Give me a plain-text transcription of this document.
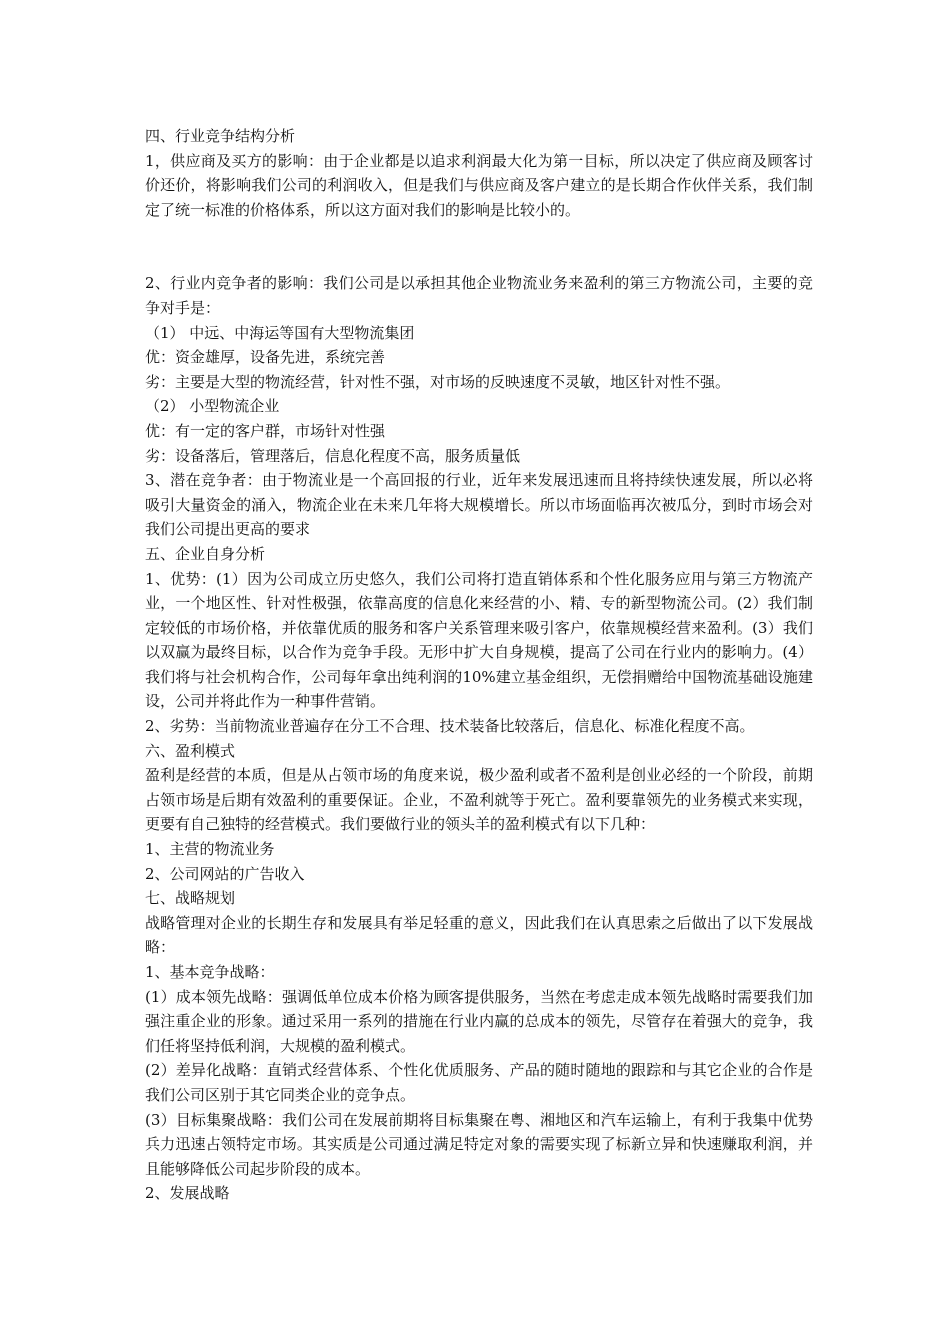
四、行业竞争结构分析

1，供应商及买方的影响：由于企业都是以追求利润最大化为第一目标，所以决定了供应商及顾客讨价还价，将影响我们公司的利润收入，但是我们与供应商及客户建立的是长期合作伙伴关系，我们制定了统一标准的价格体系，所以这方面对我们的影响是比较小的。

2、行业内竞争者的影响：我们公司是以承担其他企业物流业务来盈利的第三方物流公司，主要的竞争对手是：

（1） 中远、中海运等国有大型物流集团

优：资金雄厚，设备先进，系统完善

劣：主要是大型的物流经营，针对性不强，对市场的反映速度不灵敏，地区针对性不强。

（2） 小型物流企业

优：有一定的客户群，市场针对性强

劣：设备落后，管理落后，信息化程度不高，服务质量低

3、潜在竞争者：由于物流业是一个高回报的行业，近年来发展迅速而且将持续快速发展，所以必将吸引大量资金的涌入，物流企业在未来几年将大规模增长。所以市场面临再次被瓜分，到时市场会对我们公司提出更高的要求

五、企业自身分析

1、优势：(1）因为公司成立历史悠久，我们公司将打造直销体系和个性化服务应用与第三方物流产业，一个地区性、针对性极强，依靠高度的信息化来经营的小、精、专的新型物流公司。(2）我们制定较低的市场价格，并依靠优质的服务和客户关系管理来吸引客户，依靠规模经营来盈利。(3）我们以双赢为最终目标，以合作为竞争手段。无形中扩大自身规模，提高了公司在行业内的影响力。(4）我们将与社会机构合作，公司每年拿出纯利润的10%建立基金组织，无偿捐赠给中国物流基础设施建设，公司并将此作为一种事件营销。

2、劣势：当前物流业普遍存在分工不合理、技术装备比较落后，信息化、标准化程度不高。

六、盈利模式

盈利是经营的本质，但是从占领市场的角度来说，极少盈利或者不盈利是创业必经的一个阶段，前期占领市场是后期有效盈利的重要保证。企业，不盈利就等于死亡。盈利要靠领先的业务模式来实现，更要有自己独特的经营模式。我们要做行业的领头羊的盈利模式有以下几种：

1、主营的物流业务

2、公司网站的广告收入

七、战略规划

战略管理对企业的长期生存和发展具有举足轻重的意义，因此我们在认真思索之后做出了以下发展战略：

1、基本竞争战略：

(1）成本领先战略：强调低单位成本价格为顾客提供服务，当然在考虑走成本领先战略时需要我们加强注重企业的形象。通过采用一系列的措施在行业内赢的总成本的领先，尽管存在着强大的竞争，我们任将坚持低利润，大规模的盈利模式。

(2）差异化战略：直销式经营体系、个性化优质服务、产品的随时随地的跟踪和与其它企业的合作是我们公司区别于其它同类企业的竞争点。

(3）目标集聚战略：我们公司在发展前期将目标集聚在粤、湘地区和汽车运输上，有利于我集中优势兵力迅速占领特定市场。其实质是公司通过满足特定对象的需要实现了标新立异和快速赚取利润，并且能够降低公司起步阶段的成本。

2、发展战略
